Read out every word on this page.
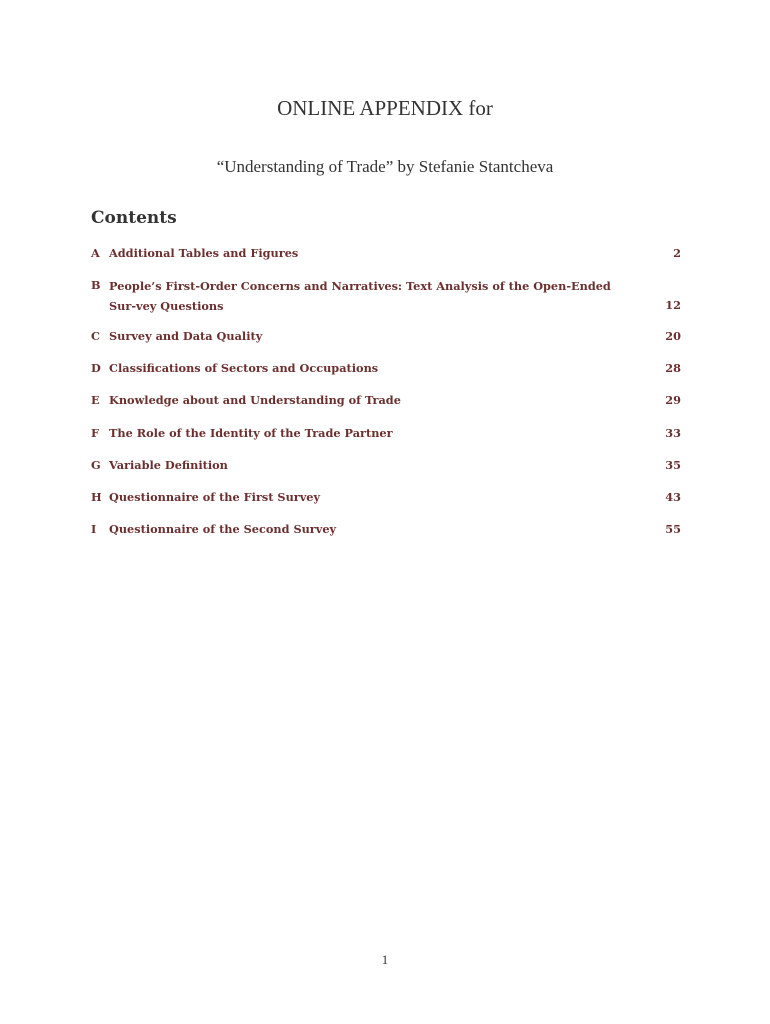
ONLINE APPENDIX for
“Understanding of Trade” by Stefanie Stantcheva
Contents
A Additional Tables and Figures	2
B People’s First-Order Concerns and Narratives: Text Analysis of the Open-Ended Sur-vey Questions	12
C Survey and Data Quality	20
D Classifications of Sectors and Occupations	28
E Knowledge about and Understanding of Trade	29
F The Role of the Identity of the Trade Partner	33
G Variable Definition	35
H Questionnaire of the First Survey	43
I	Questionnaire of the Second Survey	55
1
